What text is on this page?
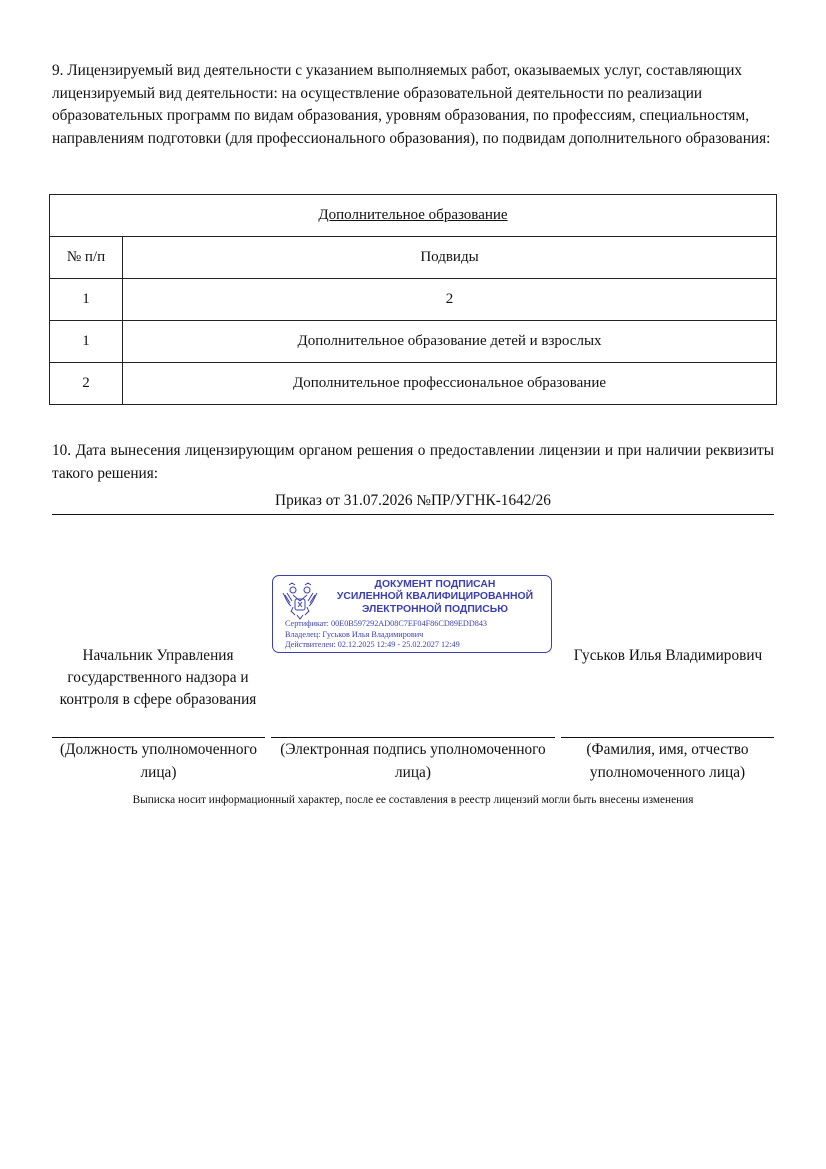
9. Лицензируемый вид деятельности с указанием выполняемых работ, оказываемых услуг, составляющих лицензируемый вид деятельности: на осуществление образовательной деятельности по реализации образовательных программ по видам образования, уровням образования, по профессиям, специальностям, направлениям подготовки (для профессионального образования), по подвидам дополнительного образования:

Дополнительное образование	
№ п/п	Подвиды
1	2
1	Дополнительное образование детей и взрослых
2	Дополнительное профессиональное образование

10. Дата вынесения лицензирующим органом решения о предоставлении лицензии и при наличии реквизиты такого решения:

Приказ от 31.07.2026 №ПР/УГНК-1642/26
ДОКУМЕНТ ПОДПИСАН
УСИЛЕННОЙ КВАЛИФИЦИРОВАННОЙ
ЭЛЕКТРОННОЙ ПОДПИСЬЮ
Сертификат: 00E0B597292AD08C7EF04F86CD89EDD843
Владелец: Гуськов Илья Владимирович
Действителен: 02.12.2025 12:49 - 25.02.2027 12:49
Начальник Управления государственного надзора и контроля в сфере образования
Гуськов Илья Владимирович
(Должность уполномоченного лица)
(Электронная подпись уполномоченного лица)
(Фамилия, имя, отчество уполномоченного лица)
Выписка носит информационный характер, после ее составления в реестр лицензий могли быть внесены изменения
